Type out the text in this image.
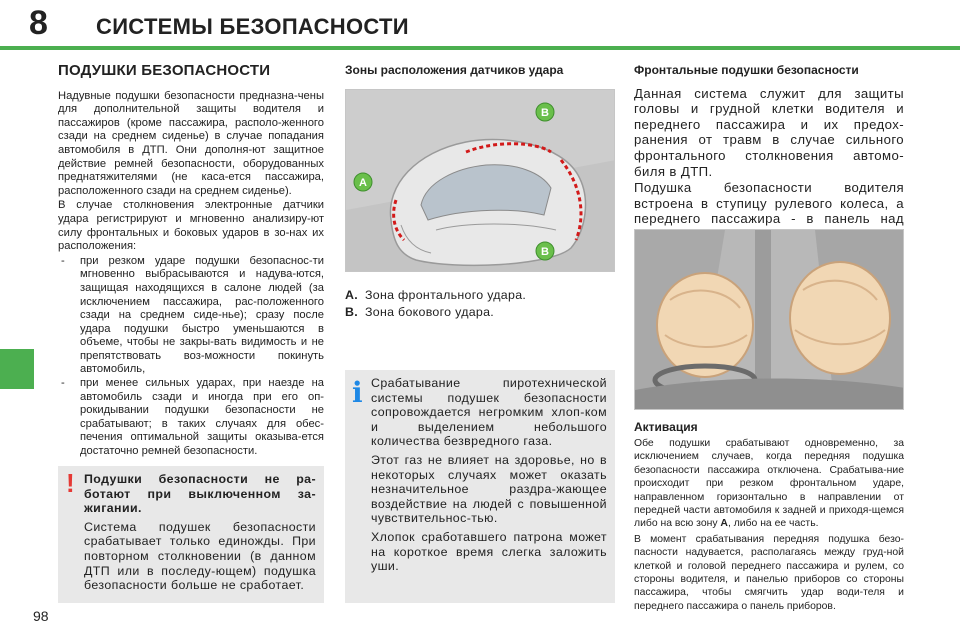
8 СИСТЕМЫ БЕЗОПАСНОСТИ
98
ПОДУШКИ БЕЗОПАСНОСТИ

Надувные подушки безопасности предназна-чены для дополнительной защиты водителя и пассажиров (кроме пассажира, располо-женного сзади на среднем сиденье) в случае попадания автомобиля в ДТП. Они дополня-ют защитное действие ремней безопасности, оборудованных преднатяжителями (не каса-ется пассажира, расположенного сзади на среднем сиденье).

В случае столкновения электронные датчики удара регистрируют и мгновенно анализиру-ют силу фронтальных и боковых ударов в зо-нах их расположения:

- при резком ударе подушки безопаснос-ти мгновенно выбрасываются и надува-ются, защищая находящихся в салоне людей (за исключением пассажира, рас-положенного сзади на среднем сиде-нье); сразу после удара подушки быстро уменьшаются в объеме, чтобы не закры-вать видимость и не препятствовать воз-можности покинуть автомобиль,
- при менее сильных ударах, при наезде на автомобиль сзади и иногда при его оп-рокидывании подушки безопасности не срабатывают; в таких случаях для обес-печения оптимальной защиты оказыва-ется достаточно ремней безопасности.
! Подушки безопасности не ра-ботают при выключенном за-жигании.

Система подушек безопасности срабатывает только единожды. При повторном столкновении (в данном ДТП или в последу-ющем) подушка безопасности больше не сработает.

Зоны расположения датчиков удара
A
B
B
A. Зона фронтального удара.
B. Зона бокового удара.
i Срабатывание пиротехнической системы подушек безопасности сопровождается негромким хлоп-ком и выделением небольшого количества безвредного газа.

Этот газ не влияет на здоровье, но в некоторых случаях может оказать незначительное раздра-жающее воздействие на людей с повышенной чувствительнос-тью.

Хлопок сработавшего патрона может на короткое время слегка заложить уши.

Фронтальные подушки безопасности

Данная система служит для защиты головы и грудной клетки водителя и переднего пассажира и их предох-ранения от травм в случае сильного фронтального столкновения автомо-биля в ДТП.

Подушка безопасности водителя встроена в ступицу рулевого колеса, а переднего пассажира - в панель над

Активация

Обе подушки срабатывают одновременно, за исключением случаев, когда передняя подушка безопасности пассажира отключена. Срабатыва-ние происходит при резком фронтальном ударе, направленном горизонтально в направлении от передней части автомобиля к задней и приходя-щемся либо на всю зону A, либо на ее часть.

В момент срабатывания передняя подушка безо-пасности надувается, располагаясь между груд-ной клеткой и головой переднего пассажира и рулем, со стороны водителя, и панелью приборов со стороны пассажира, чтобы смягчить удар води-теля и переднего пассажира о панель приборов.
